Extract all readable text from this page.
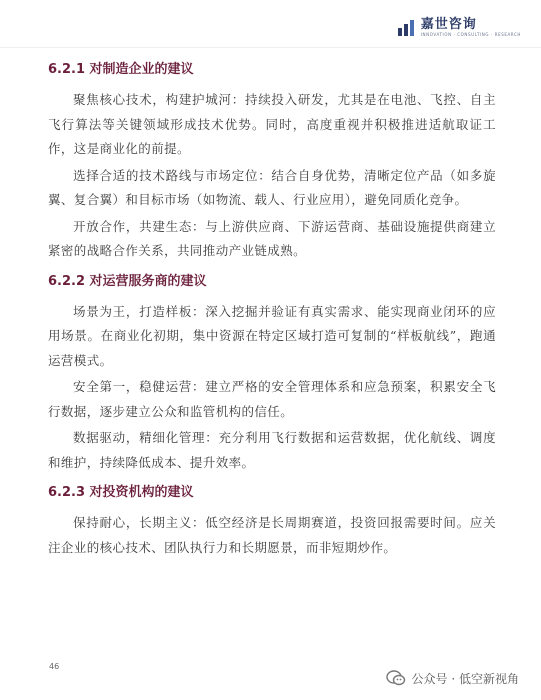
嘉世咨询
INNOVATION · CONSULTING · RESEARCH
6.2.1 对制造企业的建议

聚焦核心技术，构建护城河：持续投入研发，尤其是在电池、飞控、自主飞行算法等关键领域形成技术优势。同时，高度重视并积极推进适航取证工作，这是商业化的前提。

选择合适的技术路线与市场定位：结合自身优势，清晰定位产品（如多旋翼、复合翼）和目标市场（如物流、载人、行业应用），避免同质化竞争。

开放合作，共建生态：与上游供应商、下游运营商、基础设施提供商建立紧密的战略合作关系，共同推动产业链成熟。

6.2.2 对运营服务商的建议

场景为王，打造样板：深入挖掘并验证有真实需求、能实现商业闭环的应用场景。在商业化初期，集中资源在特定区域打造可复制的“样板航线”，跑通运营模式。

安全第一，稳健运营：建立严格的安全管理体系和应急预案，积累安全飞行数据，逐步建立公众和监管机构的信任。

数据驱动，精细化管理：充分利用飞行数据和运营数据，优化航线、调度和维护，持续降低成本、提升效率。

6.2.3 对投资机构的建议

保持耐心，长期主义：低空经济是长周期赛道，投资回报需要时间。应关注企业的核心技术、团队执行力和长期愿景，而非短期炒作。

46
公众号 · 低空新视角
